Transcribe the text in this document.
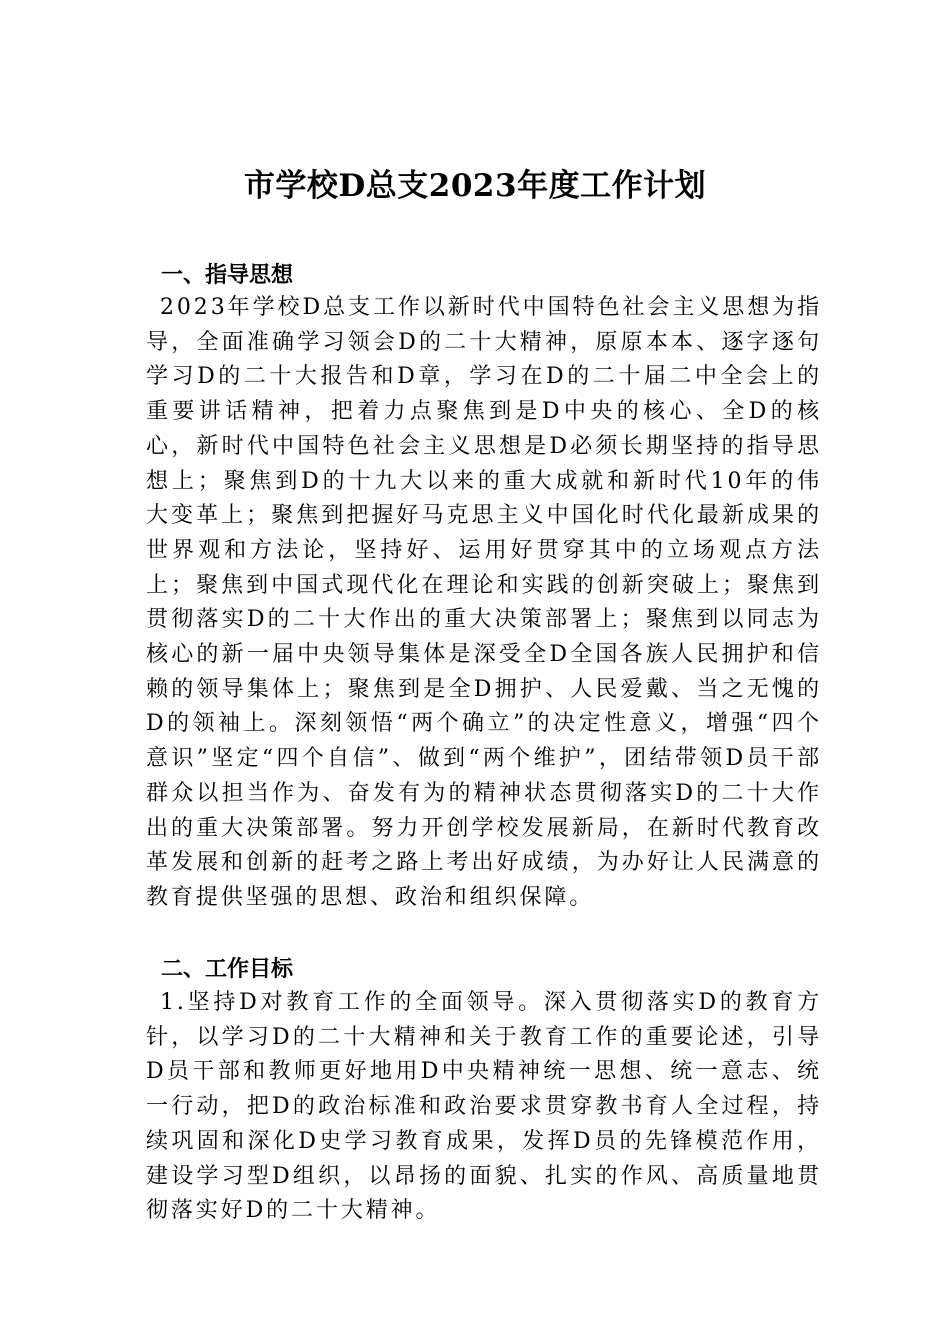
市学校D总支2023年度工作计划
一、指导思想

2023年学校D总支工作以新时代中国特色社会主义思想为指导，全面准确学习领会D的二十大精神，原原本本、逐字逐句学习D的二十大报告和D章，学习在D的二十届二中全会上的重要讲话精神，把着力点聚焦到是D中央的核心、全D的核心，新时代中国特色社会主义思想是D必须长期坚持的指导思想上；聚焦到D的十九大以来的重大成就和新时代10年的伟大变革上；聚焦到把握好马克思主义中国化时代化最新成果的世界观和方法论，坚持好、运用好贯穿其中的立场观点方法上；聚焦到中国式现代化在理论和实践的创新突破上；聚焦到贯彻落实D的二十大作出的重大决策部署上；聚焦到以同志为核心的新一届中央领导集体是深受全D全国各族人民拥护和信赖的领导集体上；聚焦到是全D拥护、人民爱戴、当之无愧的D的领袖上。深刻领悟“两个确立”的决定性意义，增强“四个意识”坚定“四个自信”、做到“两个维护”，团结带领D员干部群众以担当作为、奋发有为的精神状态贯彻落实D的二十大作出的重大决策部署。努力开创学校发展新局，在新时代教育改革发展和创新的赶考之路上考出好成绩，为办好让人民满意的教育提供坚强的思想、政治和组织保障。

二、工作目标

1.坚持D对教育工作的全面领导。深入贯彻落实D的教育方针，以学习D的二十大精神和关于教育工作的重要论述，引导D员干部和教师更好地用D中央精神统一思想、统一意志、统一行动，把D的政治标准和政治要求贯穿教书育人全过程，持续巩固和深化D史学习教育成果，发挥D员的先锋模范作用，建设学习型D组织，以昂扬的面貌、扎实的作风、高质量地贯彻落实好D的二十大精神。
